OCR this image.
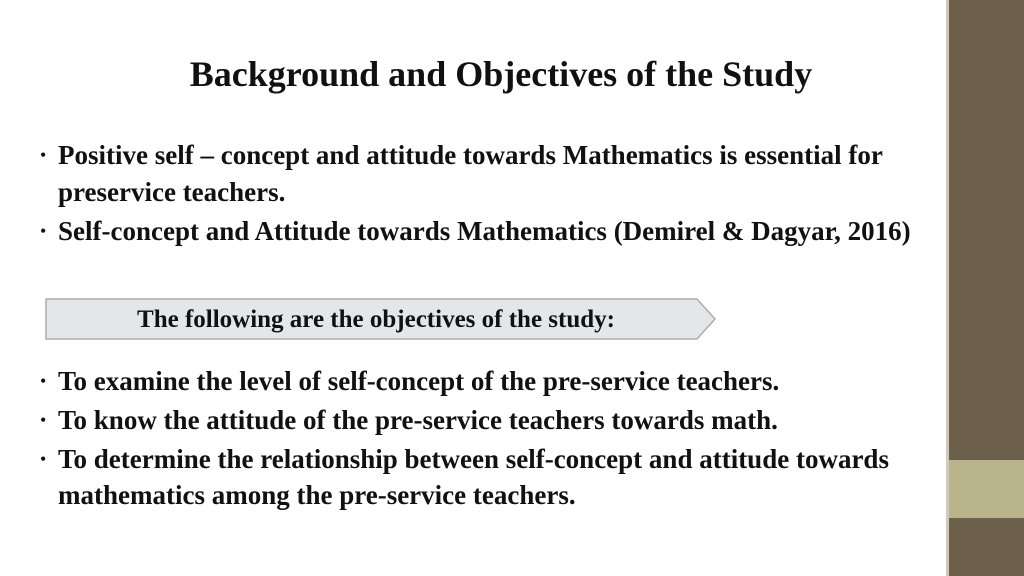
Background and Objectives of the Study
• Positive self – concept and attitude towards Mathematics is essential for preservice teachers.
• Self-concept and Attitude towards Mathematics (Demirel & Dagyar, 2016)
The following are the objectives of the study:
• To examine the level of self-concept of the pre-service teachers.
• To know the attitude of the pre-service teachers towards math.
• To determine the relationship between self-concept and attitude towards mathematics among the pre-service teachers.
